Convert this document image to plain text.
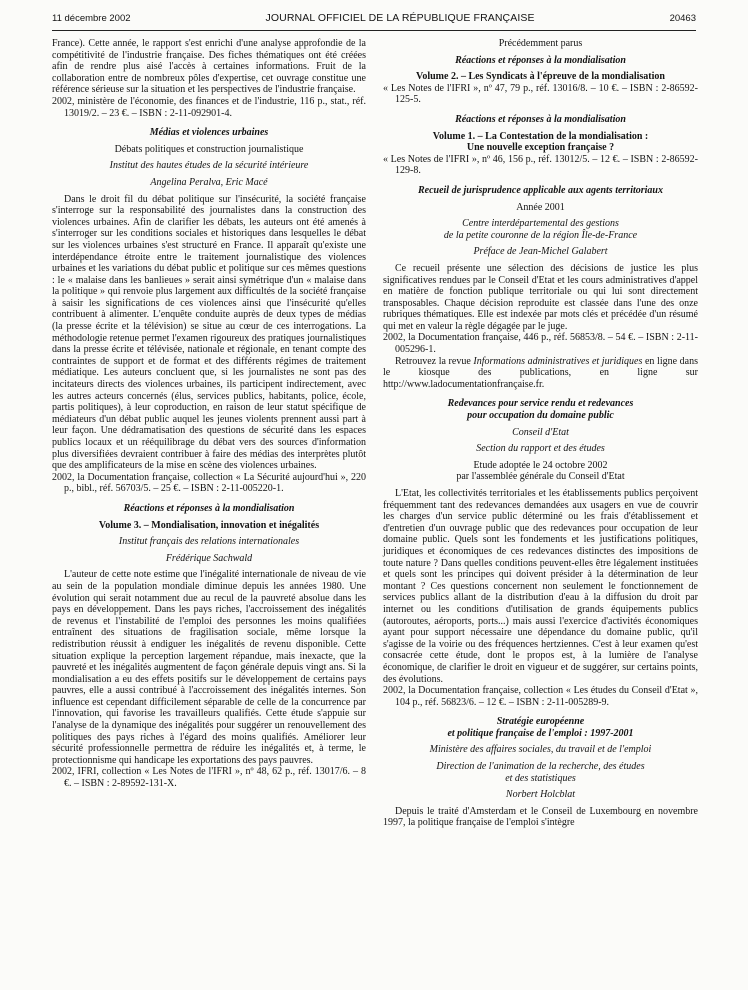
11 décembre 2002	JOURNAL OFFICIEL DE LA RÉPUBLIQUE FRANÇAISE	20463

France). Cette année, le rapport s'est enrichi d'une analyse approfondie de la compétitivité de l'industrie française. Des fiches thématiques ont été créées afin de rendre plus aisé l'accès à certaines informations. Fruit de la collaboration entre de nombreux pôles d'expertise, cet ouvrage constitue une référence sérieuse sur la situation et les perspectives de l'industrie française.

2002, ministère de l'économie, des finances et de l'industrie, 116 p., stat., réf. 13019/2. – 23 €. – ISBN : 2-11-092901-4.

Médias et violences urbaines
Débats politiques et construction journalistique
Institut des hautes études de la sécurité intérieure
Angelina Peralva, Eric Macé

Dans le droit fil du débat politique sur l'insécurité, la société française s'interroge sur la responsabilité des journalistes dans la construction des violences urbaines. Afin de clarifier les débats, les auteurs ont été amenés à s'interroger sur les conditions sociales et historiques dans lesquelles le débat sur les violences urbaines s'est structuré en France. Il apparaît qu'existe une interdépendance étroite entre le traitement journalistique des violences urbaines et les variations du débat public et politique sur ces mêmes questions : le « malaise dans les banlieues » serait ainsi symétrique d'un « malaise dans la politique » qui renvoie plus largement aux difficultés de la société française à saisir les significations de ces violences ainsi que l'insécurité qu'elles contribuent à alimenter. L'enquête conduite auprès de deux types de médias (la presse écrite et la télévision) se situe au cœur de ces interrogations. La méthodologie retenue permet l'examen rigoureux des pratiques journalistiques dans la presse écrite et télévisée, nationale et régionale, en tenant compte des contraintes de support et de format et des différents régimes de traitement médiatique. Les auteurs concluent que, si les journalistes ne sont pas des incitateurs directs des violences urbaines, ils participent indirectement, avec les autres acteurs concernés (élus, services publics, habitants, police, école, partis politiques), à leur coproduction, en raison de leur statut spécifique de médiateurs d'un débat public auquel les jeunes violents prennent aussi part à leur façon. Une dédramatisation des questions de sécurité dans les espaces publics locaux et un rééquilibrage du débat vers des sources d'information plus diversifiées devraient contribuer à faire des médias des interprètes plutôt que des amplificateurs de la mise en scène des violences urbaines.

2002, la Documentation française, collection « La Sécurité aujourd'hui », 220 p., bibl., réf. 56703/5. – 25 €. – ISBN : 2-11-005220-1.

Réactions et réponses à la mondialisation
Volume 3. – Mondialisation, innovation et inégalités
Institut français des relations internationales
Frédérique Sachwald

L'auteur de cette note estime que l'inégalité internationale de niveau de vie au sein de la population mondiale diminue depuis les années 1980. Une évolution qui serait notamment due au recul de la pauvreté absolue dans les pays en développement. Dans les pays riches, l'accroissement des inégalités de revenus et l'instabilité de l'emploi des personnes les moins qualifiées entraînent des situations de fragilisation sociale, même lorsque la redistribution réussit à endiguer les inégalités de revenu disponible. Cette situation explique la perception largement répandue, mais inexacte, que la pauvreté et les inégalités augmentent de façon générale depuis vingt ans. Si la mondialisation a eu des effets positifs sur le développement de certains pays pauvres, elle a aussi contribué à l'accroissement des inégalités internes. Son influence est cependant difficilement séparable de celle de la concurrence par l'innovation, qui favorise les travailleurs qualifiés. Cette étude s'appuie sur l'analyse de la dynamique des inégalités pour suggérer un renouvellement des politiques des pays riches à l'égard des moins qualifiés. Améliorer leur sécurité professionnelle permettra de réduire les inégalités et, à terme, le protectionnisme qui handicape les exportations des pays pauvres.

2002, IFRI, collection « Les Notes de l'IFRI », nº 48, 62 p., réf. 13017/6. – 8 €. – ISBN : 2-89592-131-X.

Précédemment parus
Réactions et réponses à la mondialisation
Volume 2. – Les Syndicats à l'épreuve de la mondialisation

« Les Notes de l'IFRI », nº 47, 79 p., réf. 13016/8. – 10 €. – ISBN : 2-86592-125-5.

Réactions et réponses à la mondialisation
Volume 1. – La Contestation de la mondialisation :
Une nouvelle exception française ?

« Les Notes de l'IFRI », nº 46, 156 p., réf. 13012/5. – 12 €. – ISBN : 2-86592-129-8.

Recueil de jurisprudence applicable aux agents territoriaux
Année 2001
Centre interdépartemental des gestions
de la petite couronne de la région Île-de-France
Préface de Jean-Michel Galabert

Ce recueil présente une sélection des décisions de justice les plus significatives rendues par le Conseil d'Etat et les cours administratives d'appel en matière de fonction publique territoriale ou qui lui sont directement transposables. Chaque décision reproduite est classée dans l'une des onze rubriques thématiques. Elle est indexée par mots clés et précédée d'un résumé qui met en valeur la règle dégagée par le juge.

2002, la Documentation française, 446 p., réf. 56853/8. – 54 €. – ISBN : 2-11-005296-1.

Retrouvez la revue Informations administratives et juridiques en ligne dans le kiosque des publications, en ligne sur http://www.ladocumentationfrançaise.fr.

Redevances pour service rendu et redevances
pour occupation du domaine public
Conseil d'Etat
Section du rapport et des études
Etude adoptée le 24 octobre 2002
par l'assemblée générale du Conseil d'Etat

L'Etat, les collectivités territoriales et les établissements publics perçoivent fréquemment tant des redevances demandées aux usagers en vue de couvrir les charges d'un service public déterminé ou les frais d'établissement et d'entretien d'un ouvrage public que des redevances pour occupation de leur domaine public. Quels sont les fondements et les justifications politiques, juridiques et économiques de ces redevances distinctes des impositions de toute nature ? Dans quelles conditions peuvent-elles être légalement instituées et quels sont les principes qui doivent présider à la détermination de leur montant ? Ces questions concernent non seulement le fonctionnement de services publics allant de la distribution d'eau à la diffusion du droit par internet ou les conditions d'utilisation de grands équipements publics (autoroutes, aéroports, ports...) mais aussi l'exercice d'activités économiques ayant pour support nécessaire une dépendance du domaine public, qu'il s'agisse de la voirie ou des fréquences hertziennes. C'est à leur examen qu'est consacrée cette étude, dont le propos est, à la lumière de l'analyse économique, de clarifier le droit en vigueur et de suggérer, sur certains points, des évolutions.

2002, la Documentation française, collection « Les études du Conseil d'Etat », 104 p., réf. 56823/6. – 12 €. – ISBN : 2-11-005289-9.

Stratégie européenne
et politique française de l'emploi : 1997-2001
Ministère des affaires sociales, du travail et de l'emploi
Direction de l'animation de la recherche, des études
et des statistiques
Norbert Holcblat

Depuis le traité d'Amsterdam et le Conseil de Luxembourg en novembre 1997, la politique française de l'emploi s'intègre
